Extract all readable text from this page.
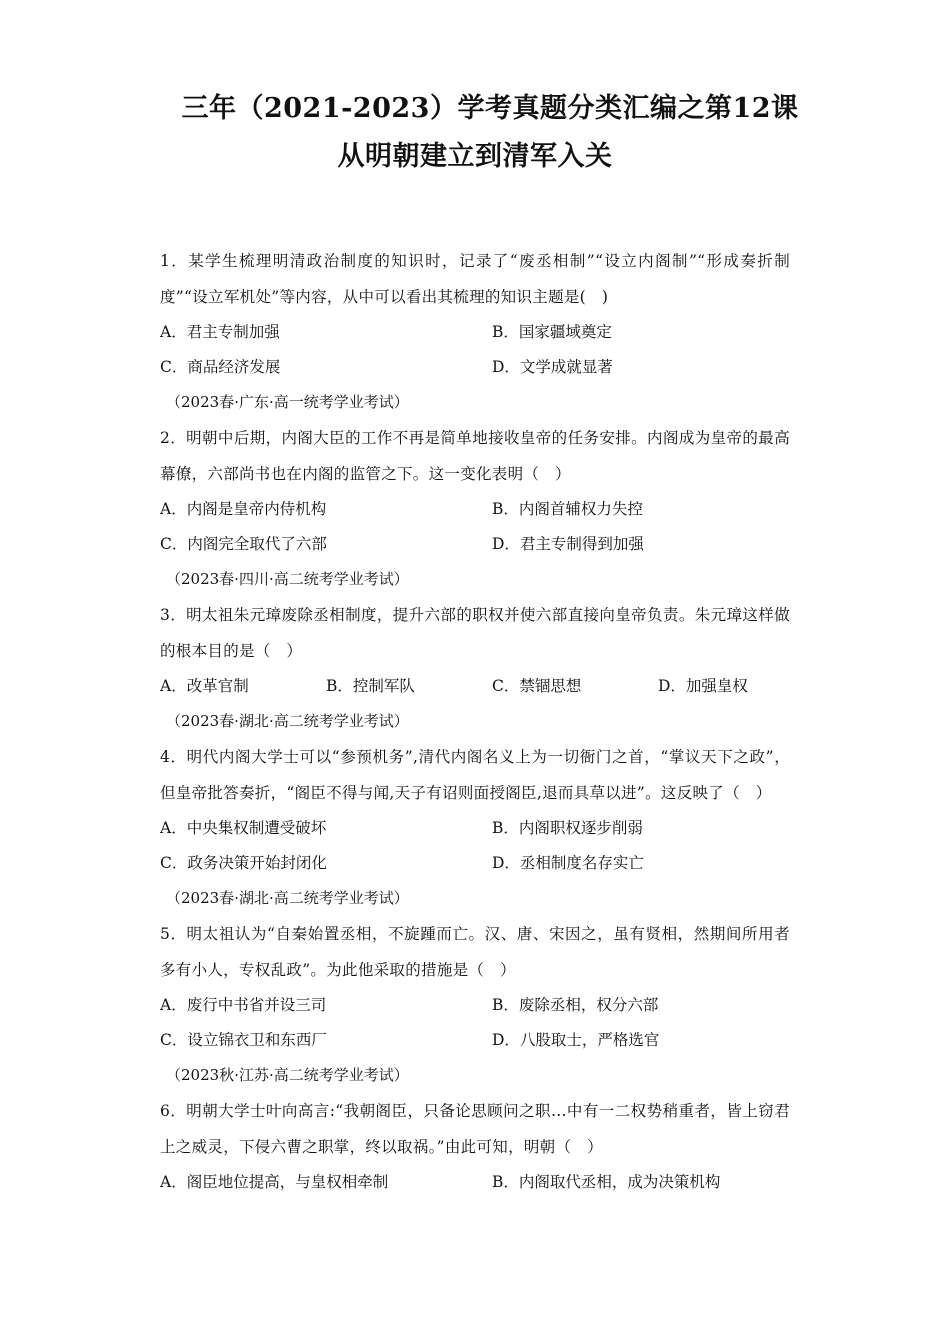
三年（2021-2023）学考真题分类汇编之第12课
从明朝建立到清军入关
1．某学生梳理明清政治制度的知识时，记录了“废丞相制”“设立内阁制”“形成奏折制度”“设立军机处”等内容，从中可以看出其梳理的知识主题是(　)
A．君主专制加强	B．国家疆域奠定
C．商品经济发展	D．文学成就显著
（2023春·广东·高一统考学业考试）
2．明朝中后期，内阁大臣的工作不再是简单地接收皇帝的任务安排。内阁成为皇帝的最高幕僚，六部尚书也在内阁的监管之下。这一变化表明（　）
A．内阁是皇帝内侍机构	B．内阁首辅权力失控
C．内阁完全取代了六部	D．君主专制得到加强
（2023春·四川·高二统考学业考试）
3．明太祖朱元璋废除丞相制度，提升六部的职权并使六部直接向皇帝负责。朱元璋这样做的根本目的是（　）
A．改革官制	B．控制军队	C．禁锢思想	D．加强皇权
（2023春·湖北·高二统考学业考试）
4．明代内阁大学士可以“参预机务”,清代内阁名义上为一切衙门之首，“掌议天下之政”，但皇帝批答奏折，“阁臣不得与闻,天子有诏则面授阁臣,退而具草以进”。这反映了（　）
A．中央集权制遭受破坏	B．内阁职权逐步削弱
C．政务决策开始封闭化	D．丞相制度名存实亡
（2023春·湖北·高二统考学业考试）
5．明太祖认为“自秦始置丞相，不旋踵而亡。汉、唐、宋因之，虽有贤相，然期间所用者多有小人，专权乱政”。为此他采取的措施是（　）
A．废行中书省并设三司	B．废除丞相，权分六部
C．设立锦衣卫和东西厂	D．八股取士，严格选官
（2023秋·江苏·高二统考学业考试）
6．明朝大学士叶向高言:“我朝阁臣，只备论思顾问之职…中有一二权势稍重者，皆上窃君上之威灵，下侵六曹之职掌，终以取祸。”由此可知，明朝（　）
A．阁臣地位提高，与皇权相牵制	B．内阁取代丞相，成为决策机构
